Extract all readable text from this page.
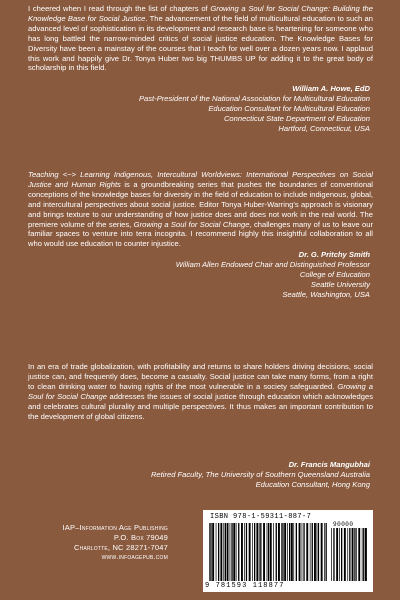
I cheered when I read through the list of chapters of Growing a Soul for Social Change: Building the Knowledge Base for Social Justice. The advancement of the field of multicultural education to such an advanced level of sophistication in its development and research base is heartening for someone who has long battled the narrow-minded critics of social justice education. The Knowledge Bases for Diversity have been a mainstay of the courses that I teach for well over a dozen years now. I applaud this work and happily give Dr. Tonya Huber two big THUMBS UP for adding it to the great body of scholarship in this field.

William A. Howe, EdD
Past-President of the National Association for Multicultural Education
Education Consultant for Multicultural Education
Connecticut State Department of Education
Hartford, Connecticut, USA

Teaching <~> Learning Indigenous, Intercultural Worldviews: International Perspectives on Social Justice and Human Rights is a groundbreaking series that pushes the boundaries of conventional conceptions of the knowledge bases for diversity in the field of education to include indigenous, global, and intercultural perspectives about social justice. Editor Tonya Huber-Warring's approach is visionary and brings texture to our understanding of how justice does and does not work in the real world. The premiere volume of the series, Growing a Soul for Social Change, challenges many of us to leave our familiar spaces to venture into terra incognita. I recommend highly this insightful collaboration to all who would use education to counter injustice.

Dr. G. Pritchy Smith
William Allen Endowed Chair and Distinguished Professor
College of Education
Seattle University
Seattle, Washington, USA

In an era of trade globalization, with profitability and returns to share holders driving decisions, social justice can, and frequently does, become a casualty. Social justice can take many forms, from a right to clean drinking water to having rights of the most vulnerable in a society safeguarded. Growing a Soul for Social Change addresses the issues of social justice through education which acknowledges and celebrates cultural plurality and multiple perspectives. It thus makes an important contribution to the development of global citizens.

Dr. Francis Mangubhai
Retired Faculty, The University of Southern Queensland Australia
Education Consultant, Hong Kong
IAP–Information Age Publishing
P.O. Box 79049
Charlotte, NC 28271-7047
www.infoagepub.com
ISBN 978-1-59311-887-7
90000
9 781593 118877
